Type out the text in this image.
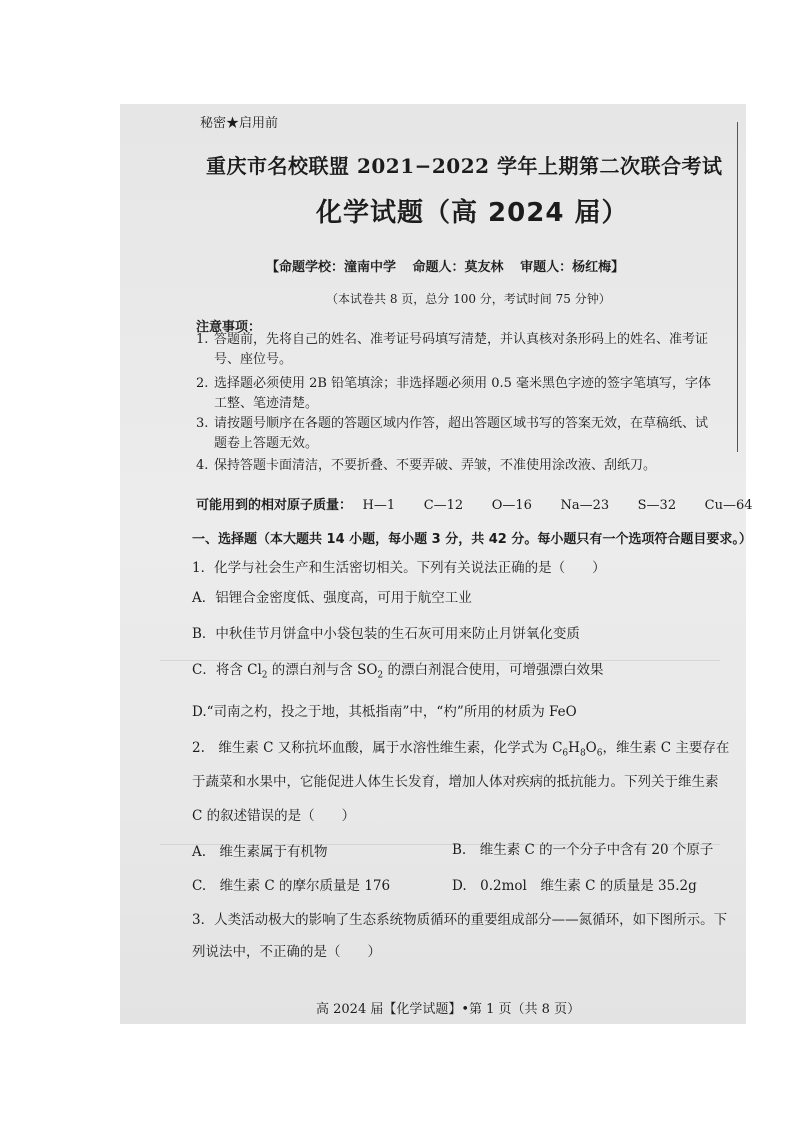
秘密★启用前
重庆市名校联盟 2021−2022 学年上期第二次联合考试
化学试题（高 2024 届）
【命题学校：潼南中学 命题人：莫友林 审题人：杨红梅】
（本试卷共 8 页，总分 100 分，考试时间 75 分钟）
注意事项：
1. 答题前，先将自己的姓名、准考证号码填写清楚，并认真核对条形码上的姓名、准考证
号、座位号。
2. 选择题必须使用 2B 铅笔填涂；非选择题必须用 0.5 毫米黑色字迹的签字笔填写，字体
工整、笔迹清楚。
3. 请按题号顺序在各题的答题区域内作答，超出答题区域书写的答案无效，在草稿纸、试
题卷上答题无效。
4. 保持答题卡面清洁，不要折叠、不要弄破、弄皱，不准使用涂改液、刮纸刀。
可能用到的相对原子质量： H—1 C—12 O—16 Na—23 S—32 Cu—64
一、选择题（本大题共 14 小题，每小题 3 分，共 42 分。每小题只有一个选项符合题目要求。）
1．化学与社会生产和生活密切相关。下列有关说法正确的是（　　）
A．铝锂合金密度低、强度高，可用于航空工业
B．中秋佳节月饼盒中小袋包装的生石灰可用来防止月饼氧化变质
C．将含 $Cl_2$ 的漂白剂与含 $SO_2$ 的漂白剂混合使用，可增强漂白效果
D.“司南之杓，投之于地，其柢指南”中，“杓”所用的材质为 FeO
2.　维生素 C 又称抗坏血酸，属于水溶性维生素，化学式为 $C_6H_8O_6$，维生素 C 主要存在
于蔬菜和水果中，它能促进人体生长发育，增加人体对疾病的抵抗能力。下列关于维生素
C 的叙述错误的是（　　）
A.　维生素属于有机物	B.　维生素 C 的一个分子中含有 20 个原子
C.　维生素 C 的摩尔质量是 176	D.　0.2mol　维生素 C 的质量是 35.2g
3．人类活动极大的影响了生态系统物质循环的重要组成部分——氮循环，如下图所示。下
列说法中，不正确的是（　　）
高 2024 届【化学试题】•第 1 页（共 8 页）
